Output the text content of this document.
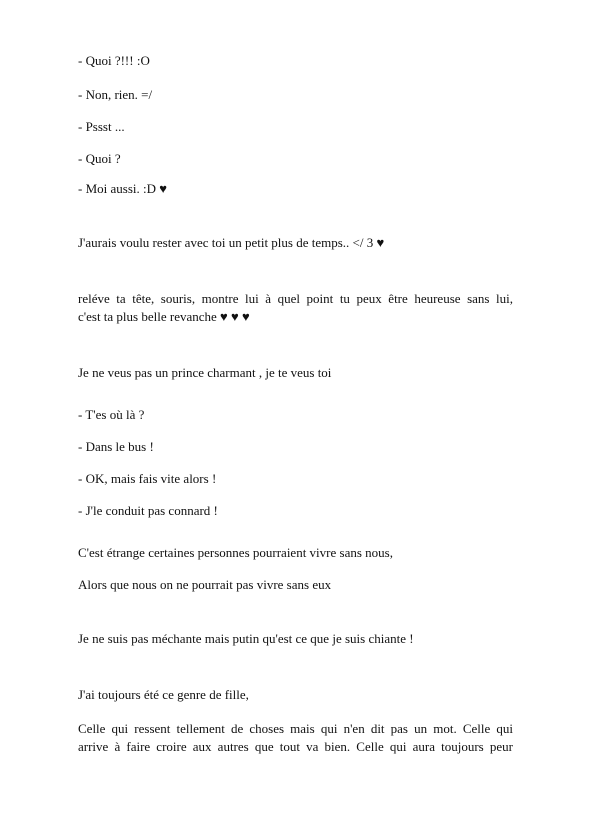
- Quoi ?!!! :O
- Non, rien. =/
- Pssst ...
- Quoi ?
- Moi aussi. :D ♥
J'aurais voulu rester avec toi un petit plus de temps.. </ 3 ♥
reléve ta tête, souris, montre lui à quel point tu peux être heureuse sans lui,
c'est ta plus belle revanche ♥ ♥ ♥
Je ne veus pas un prince charmant , je te veus toi
- T'es où là ?
- Dans le bus !
- OK, mais fais vite alors !
- J'le conduit pas connard !
C'est étrange certaines personnes pourraient vivre sans nous,
Alors que nous on ne pourrait pas vivre sans eux
Je ne suis pas méchante mais putin qu'est ce que je suis chiante !
J'ai toujours été ce genre de fille,
Celle qui ressent tellement de choses mais qui n'en dit pas un mot. Celle qui
arrive à faire croire aux autres que tout va bien. Celle qui aura toujours peur
